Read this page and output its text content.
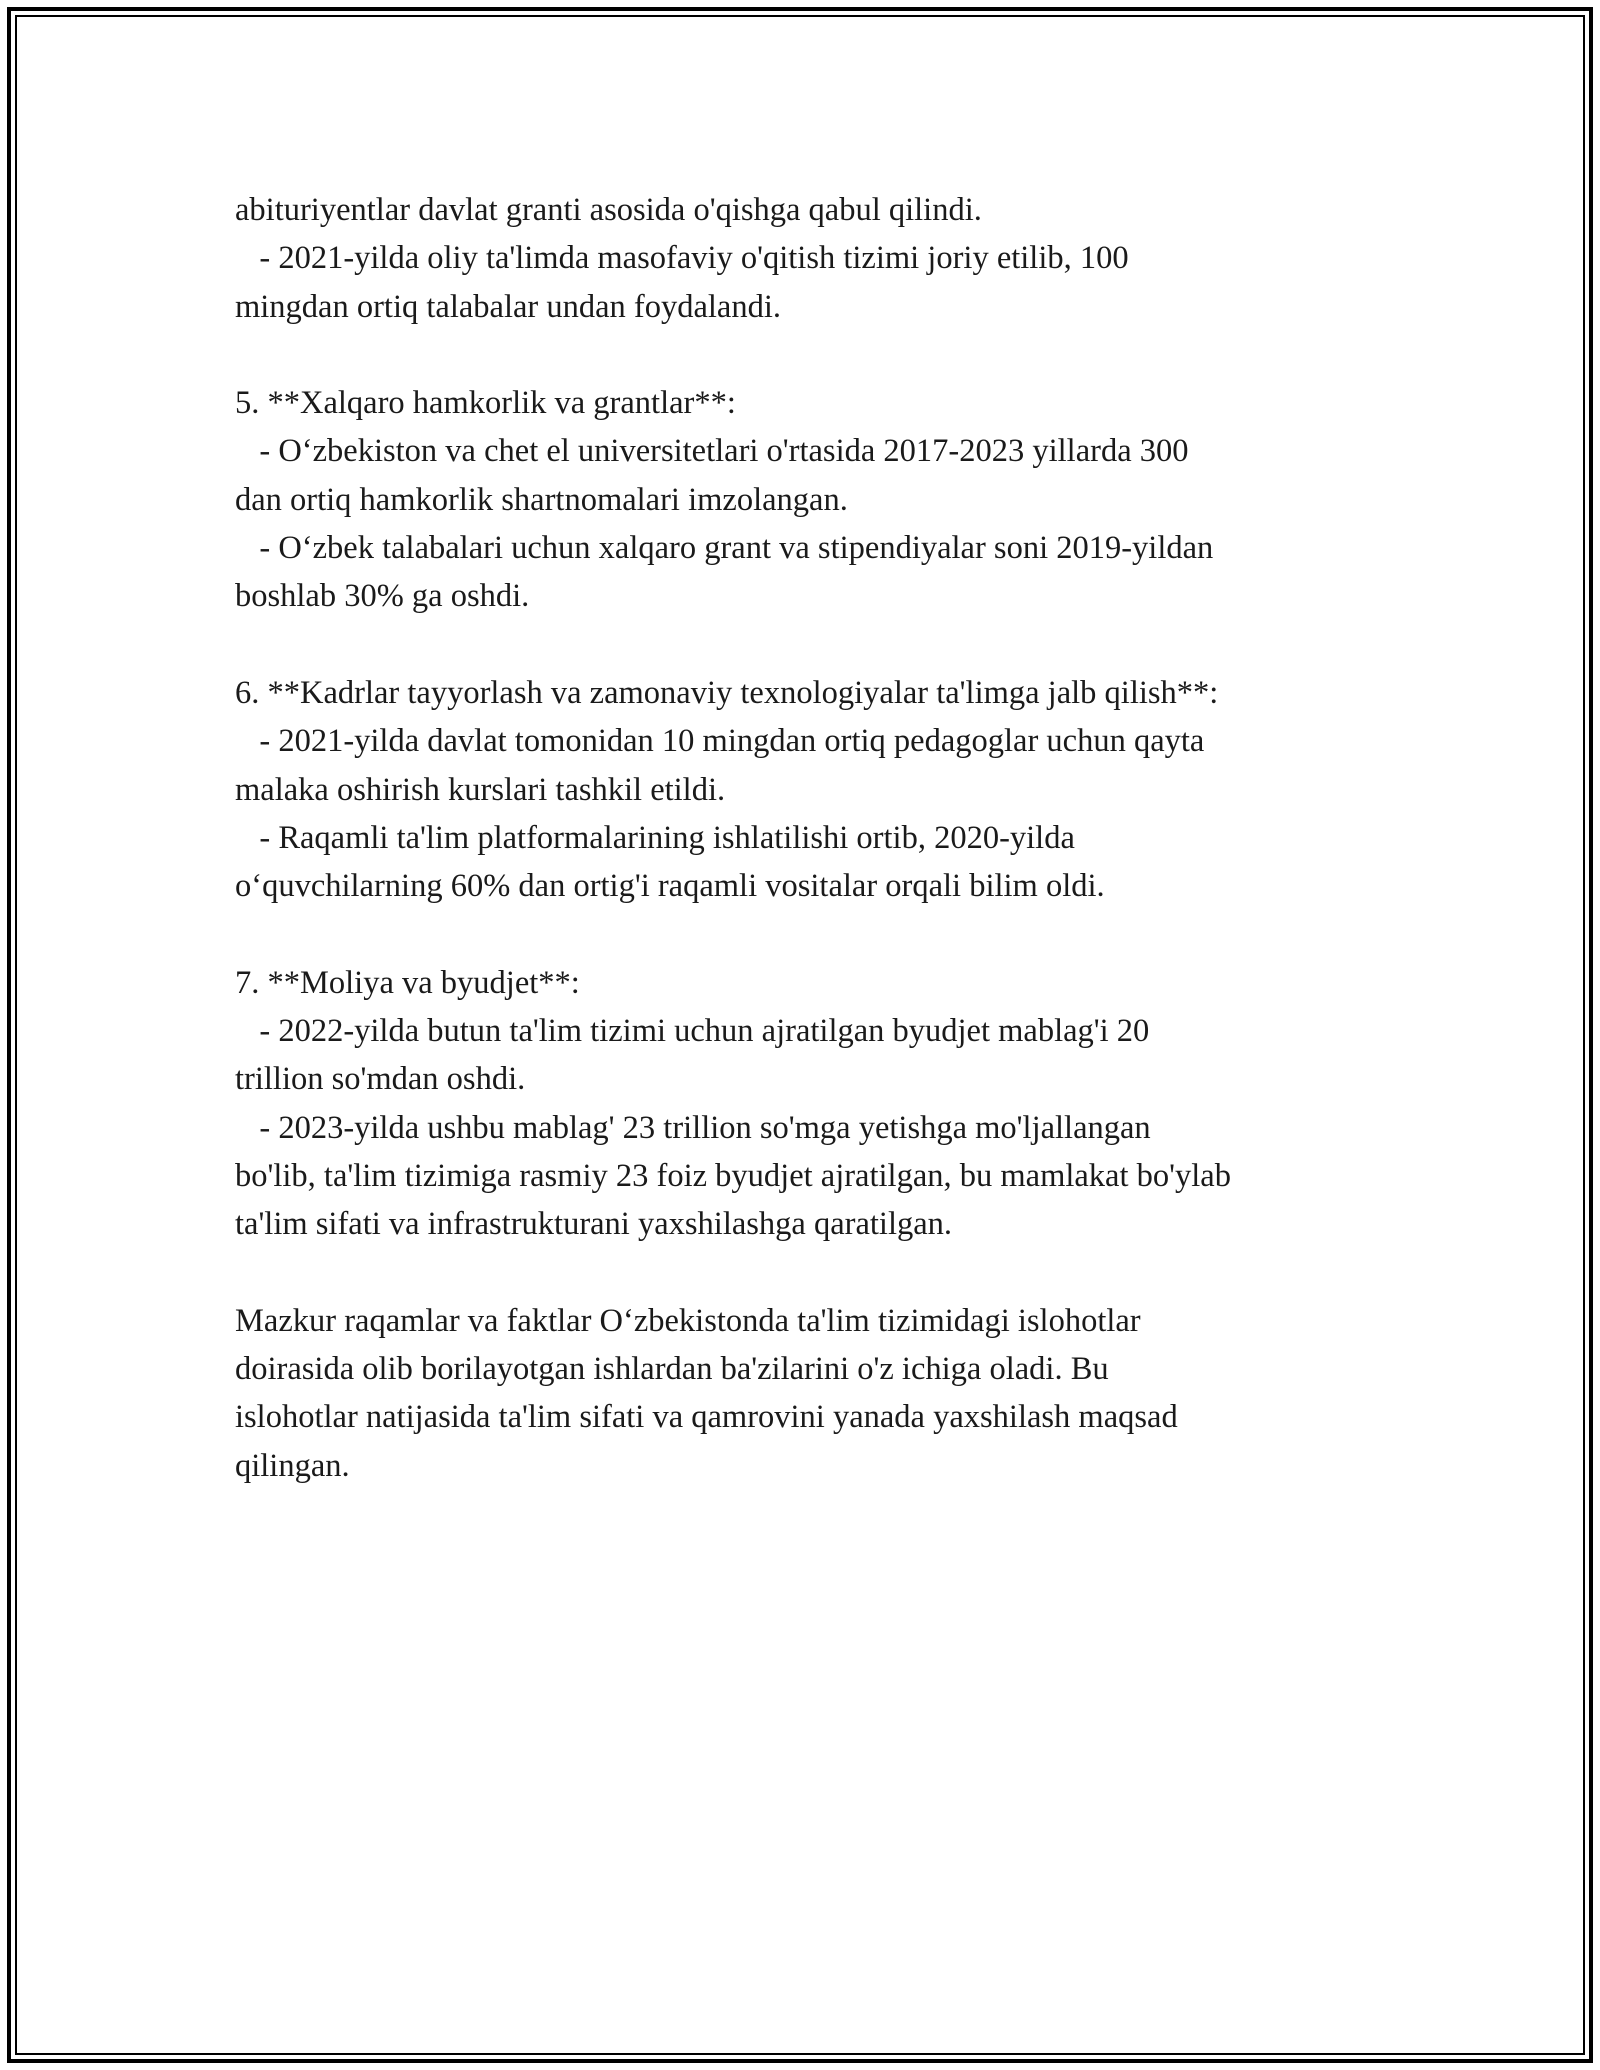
abituriyentlar davlat granti asosida o'qishga qabul qilindi.
- 2021-yilda oliy ta'limda masofaviy o'qitish tizimi joriy etilib, 100
mingdan ortiq talabalar undan foydalandi.
5. **Xalqaro hamkorlik va grantlar**:
- O‘zbekiston va chet el universitetlari o'rtasida 2017-2023 yillarda 300
dan ortiq hamkorlik shartnomalari imzolangan.
- O‘zbek talabalari uchun xalqaro grant va stipendiyalar soni 2019-yildan
boshlab 30% ga oshdi.
6. **Kadrlar tayyorlash va zamonaviy texnologiyalar ta'limga jalb qilish**:
- 2021-yilda davlat tomonidan 10 mingdan ortiq pedagoglar uchun qayta
malaka oshirish kurslari tashkil etildi.
- Raqamli ta'lim platformalarining ishlatilishi ortib, 2020-yilda
o‘quvchilarning 60% dan ortig'i raqamli vositalar orqali bilim oldi.
7. **Moliya va byudjet**:
- 2022-yilda butun ta'lim tizimi uchun ajratilgan byudjet mablag'i 20
trillion so'mdan oshdi.
- 2023-yilda ushbu mablag' 23 trillion so'mga yetishga mo'ljallangan
bo'lib, ta'lim tizimiga rasmiy 23 foiz byudjet ajratilgan, bu mamlakat bo'ylab
ta'lim sifati va infrastrukturani yaxshilashga qaratilgan.
Mazkur raqamlar va faktlar O‘zbekistonda ta'lim tizimidagi islohotlar
doirasida olib borilayotgan ishlardan ba'zilarini o'z ichiga oladi. Bu
islohotlar natijasida ta'lim sifati va qamrovini yanada yaxshilash maqsad
qilingan.
